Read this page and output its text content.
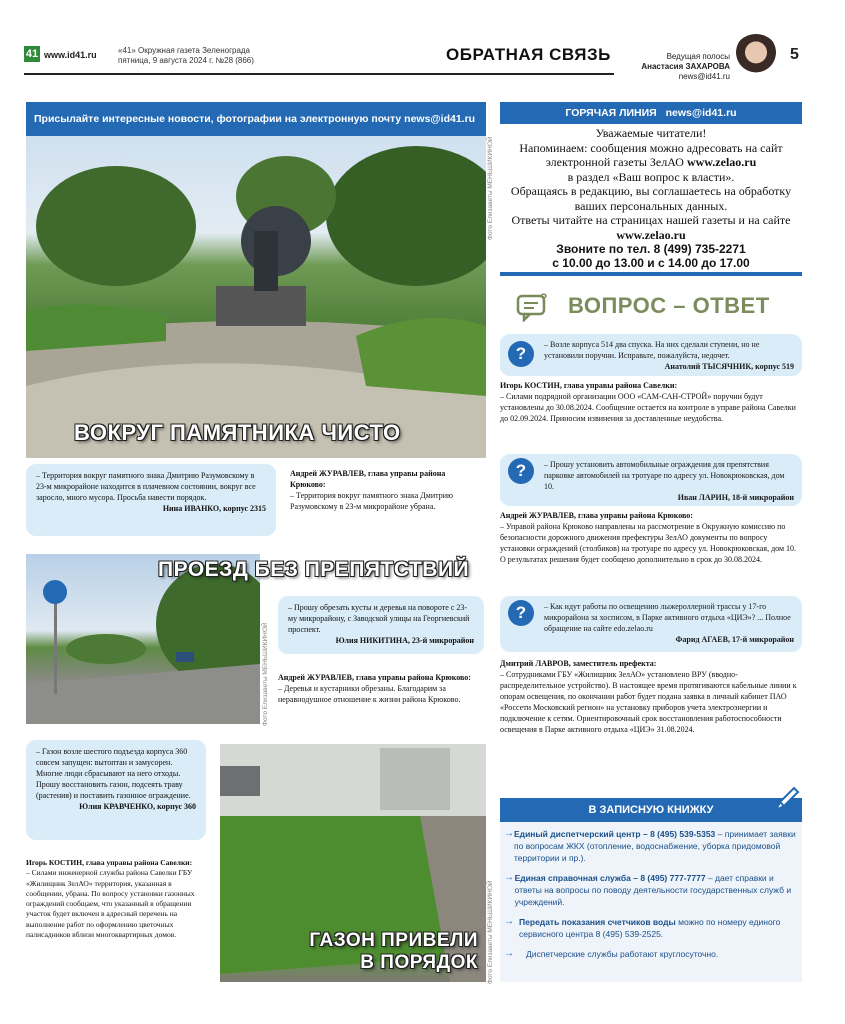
41 www.id41.ru	«41» Окружная газета Зеленограда
пятница, 9 августа 2024 г. №28 (866)	ОБРАТНАЯ СВЯЗЬ	Ведущая полосы
Анастасия ЗАХАРОВА
news@id41.ru
5
Присылайте интересные новости, фотографии на электронную почту news@id41.ru
ВОКРУГ ПАМЯТНИКА ЧИСТО
Фото Елизаветы МЕНЬШИКИНОЙ
– Территория вокруг памятного знака Дмитрию Разумовскому в 23-м микрорайоне находится в плачевном состоянии, вокруг все заросло, много мусора. Просьба навести порядок.
Нина ИВАНКО, корпус 2315
Андрей ЖУРАВЛЕВ, глава управы района Крюково:
– Территория вокруг памятного знака Дмитрию Разумовскому в 23-м микрорайоне убрана.
ПРОЕЗД БЕЗ ПРЕПЯТСТВИЙ
Фото Елизаветы МЕНЬШИКИНОЙ
– Прошу обрезать кусты и деревья на повороте с 23-му микрорайону, с Заводской улицы на Георгиевский проспект.
Юлия НИКИТИНА, 23-й микрорайон
Андрей ЖУРАВЛЕВ, глава управы района Крюково:
– Деревья и кустарники обрезаны. Благодарим за неравнодушное отношение к жизни района Крюково.
– Газон возле шестого подъезда корпуса 360 совсем запущен: вытоптан и замусорен. Многие люди сбрасывают на него отходы. Прошу восстановить газон, подсеять траву (растения) и поставить газонное ограждение.
Юлия КРАВЧЕНКО, корпус 360
Игорь КОСТИН, глава управы района Савелки:
– Силами инженерной службы района Савелки ГБУ «Жилищник ЗелАО» территория, указанная в сообщении, убрана. По вопросу установки газонных ограждений сообщаем, что указанный в обращении участок будет включен в адресный перечень на выполнение работ по оформлению цветочных палисадников вблизи многоквартирных домов.	ГАЗОН ПРИВЕЛИ
В ПОРЯДОК Фото Елизаветы МЕНЬШИКИНОЙ
ГОРЯЧАЯ ЛИНИЯ news@id41.ru
Уважаемые читатели!
Напоминаем: сообщения можно адресовать на сайт электронной газеты ЗелАО www.zelao.ru
в раздел «Ваш вопрос к власти».
Обращаясь в редакцию, вы соглашаетесь на обработку ваших персональных данных.
Ответы читайте на страницах нашей газеты и на сайте
www.zelao.ru
Звоните по тел. 8 (499) 735-2271
с 10.00 до 13.00 и с 14.00 до 17.00
? ВОПРОС – ОТВЕТ
– Возле корпуса 514 два спуска. На них сделали ступени, но не установили поручни. Исправьте, пожалуйста, недочет.
Анатолий ТЫСЯЧНИК, корпус 519
?
Игорь КОСТИН, глава управы района Савелки:
– Силами подрядной организации ООО «САМ-САН-СТРОЙ» поручни будут установлены до 30.08.2024. Сообщение остается на контроле в управе района Савелки до 02.09.2024. Приносим извинения за доставленные неудобства.
– Прошу установить автомобильные ограждения для препятствия парковке автомобилей на тротуаре по адресу ул. Новокрюковская, дом 10.
Иван ЛАРИН, 18-й микрорайон
?
Андрей ЖУРАВЛЕВ, глава управы района Крюково:
– Управой района Крюково направлены на рассмотрение в Окружную комиссию по безопасности дорожного движения префектуры ЗелАО документы по вопросу установки ограждений (столбиков) на тротуаре по адресу ул. Новокрюковская, дом 10. О результатах решения будет сообщено дополнительно в срок до 30.08.2024.
– Как идут работы по освещению лыжероллерной трассы у 17-го микрорайона за хосписом, в Парке активного отдыха «ЦИЭ»? ... Полное обращение на сайте edo.zelao.ru
Фарид АГАЕВ, 17-й микрорайон
?
Дмитрий ЛАВРОВ, заместитель префекта:
– Сотрудниками ГБУ «Жилищник ЗелАО» установлено ВРУ (вводно-распределительное устройство). В настоящее время протягиваются кабельные линии к опорам освещения, по окончании работ будет подана заявка в личный кабинет ПАО «Россети Московский регион» на установку приборов учета электроэнергии и подключение к сетям. Ориентировочный срок восстановления работоспособности освещения в Парке активного отдыха «ЦИЭ» 31.08.2024.
В ЗАПИСНУЮ КНИЖКУ
→ Единый диспетчерский центр – 8 (495) 539-5353 – принимает заявки по вопросам ЖКХ (отопление, водоснабжение, уборка придомовой территории и пр.).
→ Единая справочная служба – 8 (495) 777-7777 – дает справки и ответы на вопросы по поводу деятельности государственных служб и учреждений.
→ Передать показания счетчиков воды можно по номеру единого сервисного центра 8 (495) 539-2525.
→	Диспетчерские службы работают круглосуточно.
